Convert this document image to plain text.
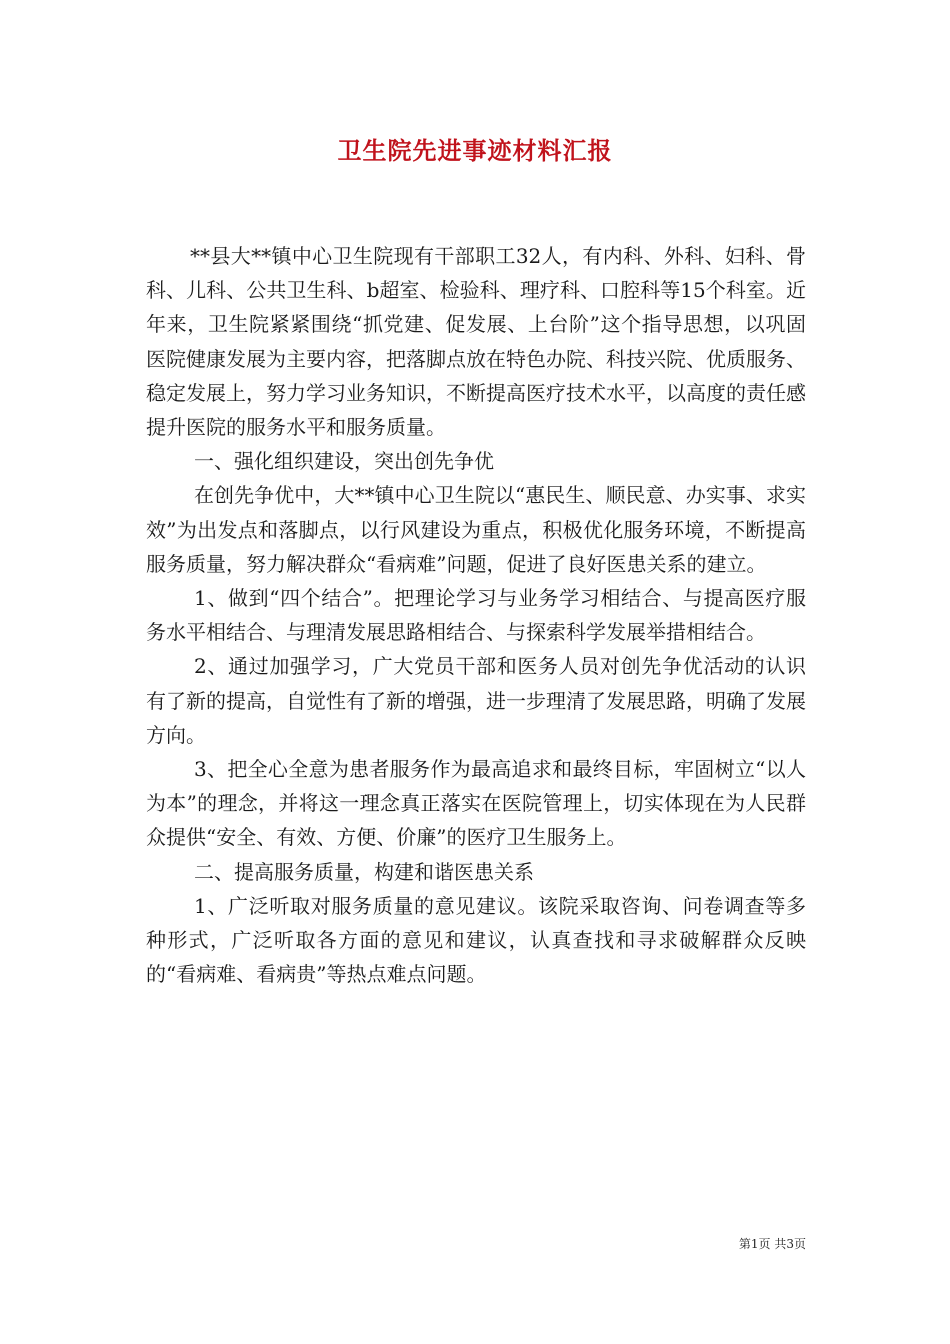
卫生院先进事迹材料汇报

**县大**镇中心卫生院现有干部职工32人，有内科、外科、妇科、骨科、儿科、公共卫生科、b超室、检验科、理疗科、口腔科等15个科室。近年来，卫生院紧紧围绕“抓党建、促发展、上台阶”这个指导思想，以巩固医院健康发展为主要内容，把落脚点放在特色办院、科技兴院、优质服务、稳定发展上，努力学习业务知识，不断提高医疗技术水平，以高度的责任感提升医院的服务水平和服务质量。

一、强化组织建设，突出创先争优

在创先争优中，大**镇中心卫生院以“惠民生、顺民意、办实事、求实效”为出发点和落脚点，以行风建设为重点，积极优化服务环境，不断提高服务质量，努力解决群众“看病难”问题，促进了良好医患关系的建立。

1、做到“四个结合”。把理论学习与业务学习相结合、与提高医疗服务水平相结合、与理清发展思路相结合、与探索科学发展举措相结合。

2、通过加强学习，广大党员干部和医务人员对创先争优活动的认识有了新的提高，自觉性有了新的增强，进一步理清了发展思路，明确了发展方向。

3、把全心全意为患者服务作为最高追求和最终目标，牢固树立“以人为本”的理念，并将这一理念真正落实在医院管理上，切实体现在为人民群众提供“安全、有效、方便、价廉”的医疗卫生服务上。

二、提高服务质量，构建和谐医患关系

1、广泛听取对服务质量的意见建议。该院采取咨询、问卷调查等多种形式，广泛听取各方面的意见和建议，认真查找和寻求破解群众反映的“看病难、看病贵”等热点难点问题。

第1页 共3页
